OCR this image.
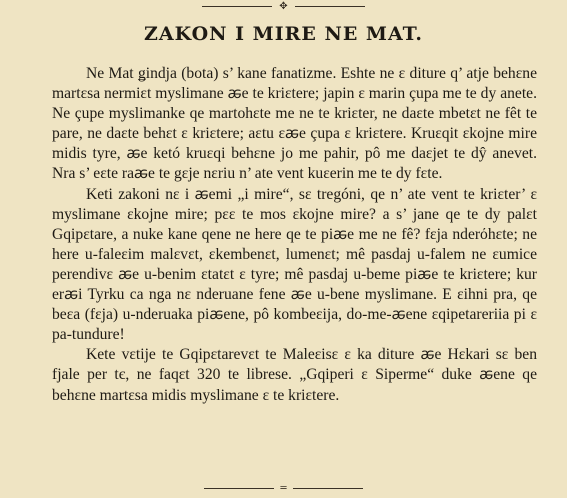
✥
ZAKON I MIRE NE MAT.

Ne Mat ǥindja (bota) s’ kane fanatizme. Eshte ne ε diture q’ atje behεne martεsa nermiεt myslimane ꬱe te kriεtere; japin ε marin çupa me te dy anete. Ne çupe myslimanke qe martohεte me ne te kriεter, ne daεte mbetεt ne fêt te pare, ne daεte behεt ε kriεtere; aεtu εꬱe çupa ε kriεtere. Kruεqit εkojne mire midis tyre, ꬱe ketó kruεqi behεne jo me pahir, pô me daεjet te dŷ anevet. Nra s’ eεte raꬱe te gεje nεriu n’ ate vent kuεerin me te dy fεte.

Keti zakoni nε i ꬱemi „i mire“, sε tregóni, qe n’ ate vent te kriεter’ ε myslimane εkojne mire; pεε te mos εkojne mire? a s’ jane qe te dy palεt Gqipεtare, a nuke kane qene ne here qe te piꬱe me ne fê? fεja nderόhεte; ne here u-faleεim malεvεt, εkembenεt, lumenεt; mê pasdaj u-falem ne εumice perendivε ꬱe u-benim εtatεt ε tyre; mê pasdaj u-beme piꬱe te kriεtere; kur erꬱi Tyrku ca nga nε nderuane fene ꬱe u-bene myslimane. E εihni pra, qe beεa (fεja) u-nderuaka piꬱene, pô kombeεija, do-me-ꬱene εqipetareriia pi ε pa-tundure!

Kete vεtije te Gqipεtarevεt te Maleεisε ε ka diture ꬱe Hεkari sε ben fjale per tє, ne faqεt 320 te librese. „Gqiperi ε Siperme“ duke ꬱene qe behεne martεsa midis myslimane ε te kriεtere.

═
